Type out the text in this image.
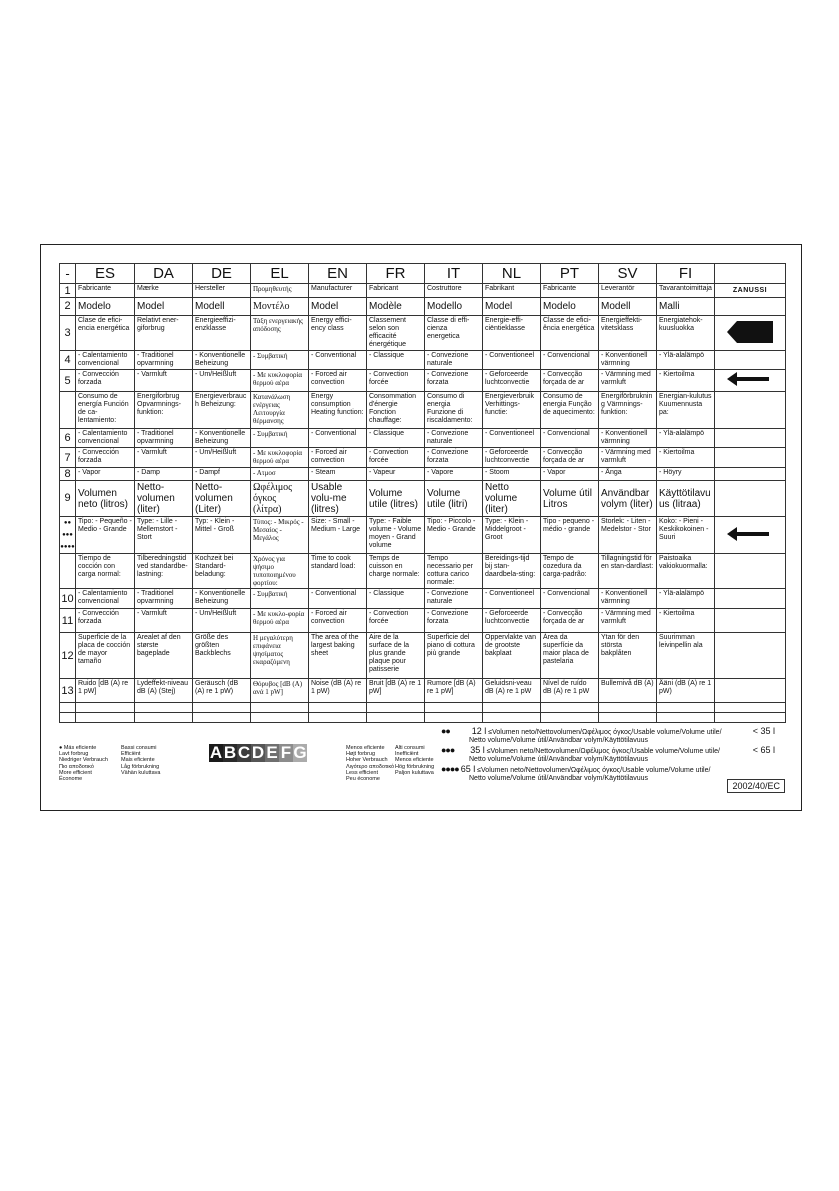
-	ES	DA	DE	EL	EN	FR	IT	NL	PT	SV	FI	
1	Fabricante	Mærke	Hersteller	Προμηθευτής	Manufacturer	Fabricant	Costruttore	Fabrikant	Fabricante	Leverantör	Tavarantoimittaja	ZANUSSI
2	Modelo	Model	Modell	Μοντέλο	Model	Modèle	Modello	Model	Modelo	Modell	Malli	
3	Clase de efici-encia energética	Relativt ener-giforbrug	Energieeffizi-enzklasse	Τάξη ενεργειακής απόδοσης	Energy effici-ency class	Classement selon son efficacité énergétique	Classe di effi-cienza energetica	Energie-effi-ciëntieklasse	Classe de efici-ência energética	Energieffekti-vitetsklass	Energiatehok-kuusluokka	
4	- Calentamiento convencional	- Traditionel opvarmning	- Konventionelle Beheizung	- Συμβατική	- Conventional	- Classique	- Convezione naturale	- Conventioneel	- Convencional	- Konventionell värmning	- Ylä-alalämpö	
5	- Convección forzada	- Varmluft	- Um/Heißluft	- Με κυκλοφορία θερμού αέρα	- Forced air convection	- Convection forcée	- Convezione forzata	- Geforceerde luchtconvectie	- Convecção forçada de ar	- Värmning med varmluft	- Kiertoilma	
	Consumo de energía Función de ca-lentamiento:	Energiforbrug Opvarmnings-funktion:	Energieverbrauch Beheizung:	Κατανάλωση ενέργειας Λειτουργία θέρμανσης	Energy consumption Heating function:	Consommation d'énergie Fonction chauffage:	Consumo di energia Funzione di riscaldamento:	Energieverbruik Verhittings-functie:	Consumo de energia Função de aquecimento:	Energiförbrukning Värmnings-funktion:	Energian-kulutus Kuumennusta pa:	
6	- Calentamiento convencional	- Traditionel opvarmning	- Konventionelle Beheizung	- Συμβατική	- Conventional	- Classique	- Convezione naturale	- Conventioneel	- Convencional	- Konventionell värmning	- Ylä-alalämpö	
7	- Convección forzada	- Varmluft	- Um/Heißluft	- Με κυκλοφορία θερμού αέρα	- Forced air convection	- Convection forcée	- Convezione forzata	- Geforceerde luchtconvectie	- Convecção forçada de ar	- Värmning med varmluft	- Kiertoilma	
8	- Vapor	- Damp	- Dampf	- Ατμοσ	- Steam	- Vapeur	- Vapore	- Stoom	- Vapor	- Ånga	- Höyry	
9	Volumen neto (litros)	Netto-volumen (liter)	Netto-volumen (Liter)	Ωφέλιμος όγκος (λίτρα)	Usable volu-me (litres)	Volume utile (litres)	Volume utile (litri)	Netto volume (liter)	Volume útil Litros	Användbar volym (liter)	Käyttötilavuus (litraa)	
●●
●●●
●●●●	Tipo: - Pequeño - Medio - Grande	Type: - Lille - Mellemstort - Stort	Typ: - Klein - Mittel - Groß	Τύπος: - Μικρός - Μεσαίος - Μεγάλος	Size: - Small - Medium - Large	Type: - Faible volume - Volume moyen - Grand volume	Tipo: - Piccolo - Medio - Grande	Type: - Klein - Middelgroot - Groot	Tipo - pequeno - médio - grande	Storlek: - Liten - Medelstor - Stor	Koko: - Pieni - Keskikokoinen - Suuri	
	Tiempo de cocción con carga normal:	Tilberedningstid ved standardbe-lastning:	Kochzeit bei Standard-beladung:	Χρόνος για ψήσιμο τυποποιημένου φορτίου:	Time to cook standard load:	Temps de cuisson en charge normale:	Tempo necessario per cottura carico normale:	Bereidings-tijd bij stan-daardbela-sting:	Tempo de cozedura da carga-padrão:	Tillagningstid för en stan-dardlast:	Paistoaika vakiokuormalla:	
10	- Calentamiento convencional	- Traditionel opvarmning	- Konventionelle Beheizung	- Συμβατική	- Conventional	- Classique	- Convezione naturale	- Conventioneel	- Convencional	- Konventionell värmning	- Ylä-alalämpö	
11	- Convección forzada	- Varmluft	- Um/Heißluft	- Με κυκλο-φορία θερμού αέρα	- Forced air convection	- Convection forcée	- Convezione forzata	- Geforceerde luchtconvectie	- Convecção forçada de ar	- Värmning med varmluft	- Kiertoilma	
12	Superficie de la placa de cocción de mayor tamaño	Arealet af den største bageplade	Größe des größten Backblechs	Η μεγαλύτερη επιφάνεια ψησίματος εκαραζόμενη	The area of the largest baking sheet	Aire de la surface de la plus grande plaque pour patisserie	Superficie del piano di cottura più grande	Oppervlakte van de grootste bakplaat	Área da superfície da maior placa de pastelaria	Ytan för den största bakplåten	Suurimman leivinpellin ala	
13	Ruido [dB (A) re 1 pW]	Lydeffekt-niveau dB (A) (Stej)	Geräusch (dB (A) re 1 pW)	Θόρυβος [dB (A) ανά 1 pW]	Noise (dB (A) re 1 pW)	Bruit [dB (A) re 1 pW]	Rumore [dB (A) re 1 pW]	Geluidsni-veau dB (A) re 1 pW	Nível de ruído dB (A) re 1 pW	Bullernivå dB (A)	Ääni (dB (A) re 1 pW)	

● Más eficiente
Lavt forbrug
Niedriger Verbrauch
Πιο αποδοτικό
More efficient
Économe
Bassi consumi
Efficiënt
Mais eficiente
Låg förbrukning
Vähän kuluttava
A B C D E F G	Menos eficiente
Højt forbrug
Hoher Verbrauch
Λιγότερο αποδοτικό
Less efficient
Peu économe
Alti consumi
Inefficiënt
Menos eficiente
Hög förbrukning
Paljon kuluttava
●● 12 l ≤Volumen neto/Nettovolumen/Ωφέλιμος όγκος/Usable volume/Volume utile/	< 35 l
Netto volume/Volume útil/Användbar volym/Käyttötilavuus
●●● 35 l ≤Volumen neto/Nettovolumen/Ωφέλιμος όγκος/Usable volume/Volume utile/	< 65 l
Netto volume/Volume útil/Användbar volym/Käyttötilavuus
●●●● 65 l ≤Volumen neto/Nettovolumen/Ωφέλιμος όγκος/Usable volume/Volume utile/
Netto volume/Volume útil/Användbar volym/Käyttötilavuus
2002/40/EC
